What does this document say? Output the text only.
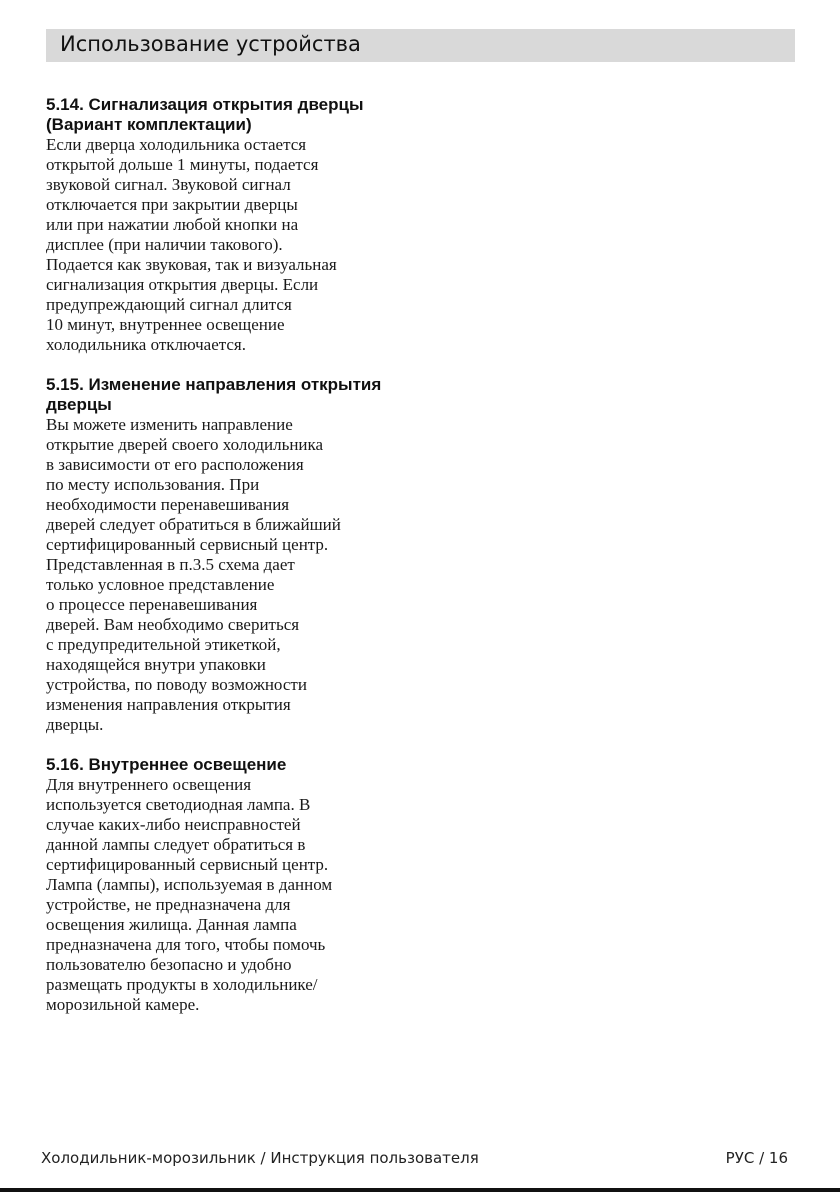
Использование устройства
5.14. Сигнализация открытия дверцы
(Вариант комплектации)
Если дверца холодильника остается
открытой дольше 1 минуты, подается
звуковой сигнал. Звуковой сигнал
отключается при закрытии дверцы
или при нажатии любой кнопки на
дисплее (при наличии такового).
Подается как звуковая, так и визуальная
сигнализация открытия дверцы. Если
предупреждающий сигнал длится
10 минут, внутреннее освещение
холодильника отключается.
5.15. Изменение направления открытия
дверцы
Вы можете изменить направление
открытие дверей своего холодильника
в зависимости от его расположения
по месту использования. При
необходимости перенавешивания
дверей следует обратиться в ближайший
сертифицированный сервисный центр.
Представленная в п.3.5 схема дает
только условное представление
о процессе перенавешивания
дверей. Вам необходимо свериться
с предупредительной этикеткой,
находящейся внутри упаковки
устройства, по поводу возможности
изменения направления открытия
дверцы.
5.16. Внутреннее освещение
Для внутреннего освещения
используется светодиодная лампа. В
случае каких-либо неисправностей
данной лампы следует обратиться в
сертифицированный сервисный центр.
Лампа (лампы), используемая в данном
устройстве, не предназначена для
освещения жилища. Данная лампа
предназначена для того, чтобы помочь
пользователю безопасно и удобно
размещать продукты в холодильнике/
морозильной камере.
Холодильник-морозильник / Инструкция пользователя	РУС / 16
